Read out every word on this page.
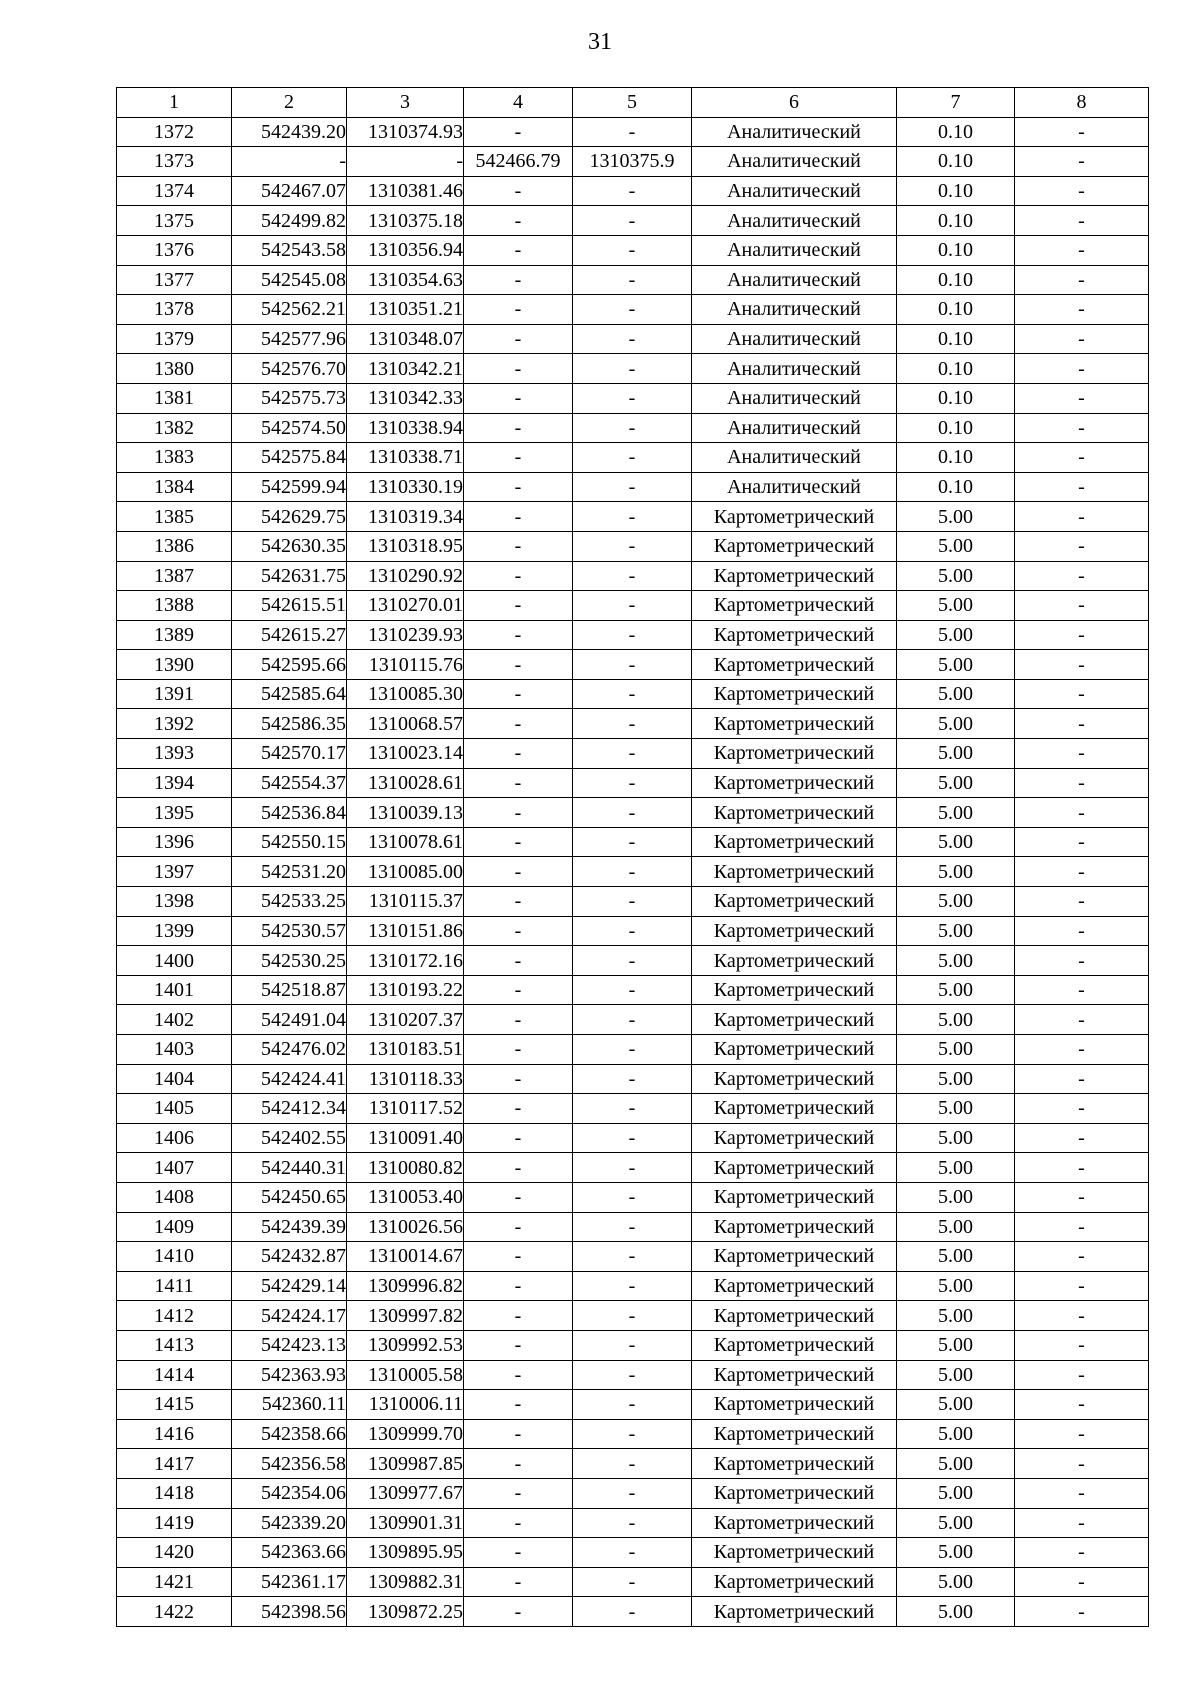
31
1	2	3	4	5	6	7	8
1372	542439.20	1310374.93	-	-	Аналитический	0.10	-
1373	-	-	542466.79	1310375.9	Аналитический	0.10	-
1374	542467.07	1310381.46	-	-	Аналитический	0.10	-
1375	542499.82	1310375.18	-	-	Аналитический	0.10	-
1376	542543.58	1310356.94	-	-	Аналитический	0.10	-
1377	542545.08	1310354.63	-	-	Аналитический	0.10	-
1378	542562.21	1310351.21	-	-	Аналитический	0.10	-
1379	542577.96	1310348.07	-	-	Аналитический	0.10	-
1380	542576.70	1310342.21	-	-	Аналитический	0.10	-
1381	542575.73	1310342.33	-	-	Аналитический	0.10	-
1382	542574.50	1310338.94	-	-	Аналитический	0.10	-
1383	542575.84	1310338.71	-	-	Аналитический	0.10	-
1384	542599.94	1310330.19	-	-	Аналитический	0.10	-
1385	542629.75	1310319.34	-	-	Картометрический	5.00	-
1386	542630.35	1310318.95	-	-	Картометрический	5.00	-
1387	542631.75	1310290.92	-	-	Картометрический	5.00	-
1388	542615.51	1310270.01	-	-	Картометрический	5.00	-
1389	542615.27	1310239.93	-	-	Картометрический	5.00	-
1390	542595.66	1310115.76	-	-	Картометрический	5.00	-
1391	542585.64	1310085.30	-	-	Картометрический	5.00	-
1392	542586.35	1310068.57	-	-	Картометрический	5.00	-
1393	542570.17	1310023.14	-	-	Картометрический	5.00	-
1394	542554.37	1310028.61	-	-	Картометрический	5.00	-
1395	542536.84	1310039.13	-	-	Картометрический	5.00	-
1396	542550.15	1310078.61	-	-	Картометрический	5.00	-
1397	542531.20	1310085.00	-	-	Картометрический	5.00	-
1398	542533.25	1310115.37	-	-	Картометрический	5.00	-
1399	542530.57	1310151.86	-	-	Картометрический	5.00	-
1400	542530.25	1310172.16	-	-	Картометрический	5.00	-
1401	542518.87	1310193.22	-	-	Картометрический	5.00	-
1402	542491.04	1310207.37	-	-	Картометрический	5.00	-
1403	542476.02	1310183.51	-	-	Картометрический	5.00	-
1404	542424.41	1310118.33	-	-	Картометрический	5.00	-
1405	542412.34	1310117.52	-	-	Картометрический	5.00	-
1406	542402.55	1310091.40	-	-	Картометрический	5.00	-
1407	542440.31	1310080.82	-	-	Картометрический	5.00	-
1408	542450.65	1310053.40	-	-	Картометрический	5.00	-
1409	542439.39	1310026.56	-	-	Картометрический	5.00	-
1410	542432.87	1310014.67	-	-	Картометрический	5.00	-
1411	542429.14	1309996.82	-	-	Картометрический	5.00	-
1412	542424.17	1309997.82	-	-	Картометрический	5.00	-
1413	542423.13	1309992.53	-	-	Картометрический	5.00	-
1414	542363.93	1310005.58	-	-	Картометрический	5.00	-
1415	542360.11	1310006.11	-	-	Картометрический	5.00	-
1416	542358.66	1309999.70	-	-	Картометрический	5.00	-
1417	542356.58	1309987.85	-	-	Картометрический	5.00	-
1418	542354.06	1309977.67	-	-	Картометрический	5.00	-
1419	542339.20	1309901.31	-	-	Картометрический	5.00	-
1420	542363.66	1309895.95	-	-	Картометрический	5.00	-
1421	542361.17	1309882.31	-	-	Картометрический	5.00	-
1422	542398.56	1309872.25	-	-	Картометрический	5.00	-
